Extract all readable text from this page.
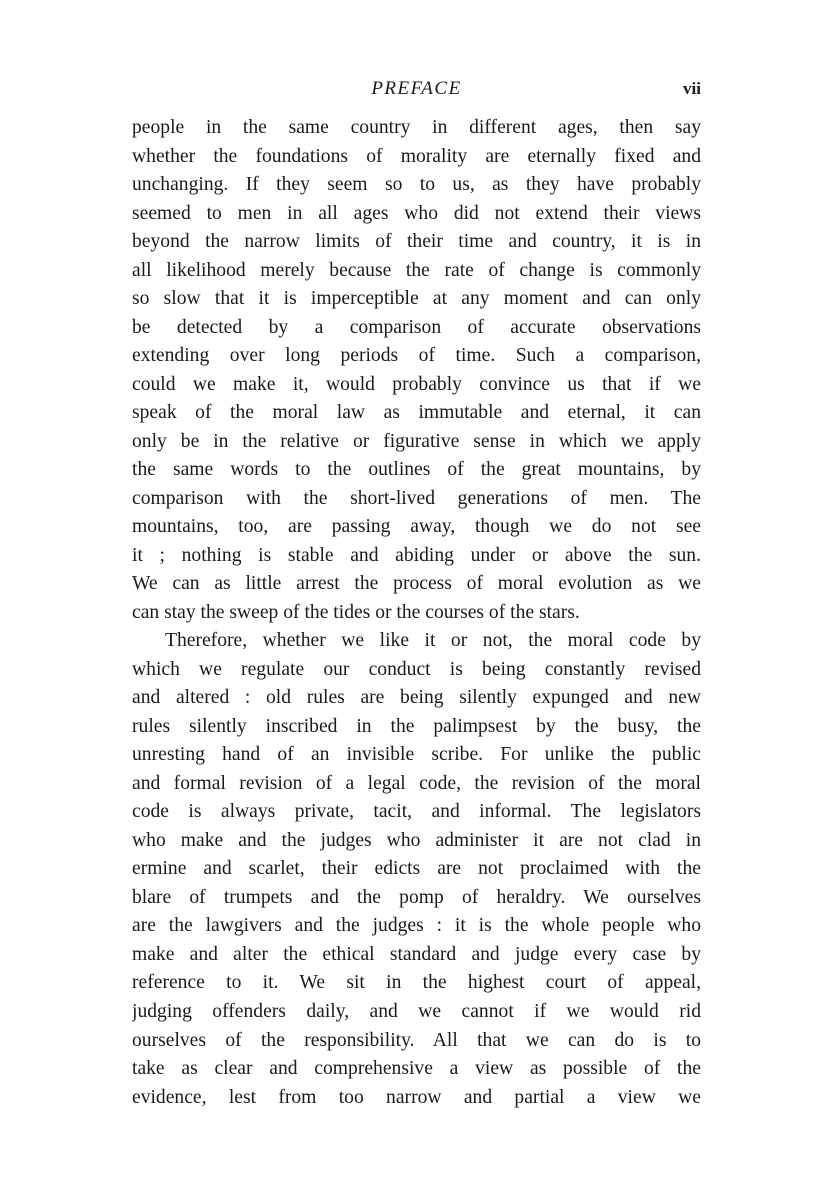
PREFACE	vii
people in the same country in different ages, then say
whether the foundations of morality are eternally fixed and
unchanging. If they seem so to us, as they have probably
seemed to men in all ages who did not extend their views
beyond the narrow limits of their time and country, it is in
all likelihood merely because the rate of change is commonly
so slow that it is imperceptible at any moment and can only
be detected by a comparison of accurate observations
extending over long periods of time. Such a comparison,
could we make it, would probably convince us that if we
speak of the moral law as immutable and eternal, it can
only be in the relative or figurative sense in which we apply
the same words to the outlines of the great mountains, by
comparison with the short-lived generations of men. The
mountains, too, are passing away, though we do not see
it ; nothing is stable and abiding under or above the sun.
We can as little arrest the process of moral evolution as we
can stay the sweep of the tides or the courses of the stars.
Therefore, whether we like it or not, the moral code by
which we regulate our conduct is being constantly revised
and altered : old rules are being silently expunged and new
rules silently inscribed in the palimpsest by the busy, the
unresting hand of an invisible scribe. For unlike the public
and formal revision of a legal code, the revision of the moral
code is always private, tacit, and informal. The legislators
who make and the judges who administer it are not clad in
ermine and scarlet, their edicts are not proclaimed with the
blare of trumpets and the pomp of heraldry. We ourselves
are the lawgivers and the judges : it is the whole people who
make and alter the ethical standard and judge every case by
reference to it. We sit in the highest court of appeal,
judging offenders daily, and we cannot if we would rid
ourselves of the responsibility. All that we can do is to
take as clear and comprehensive a view as possible of the
evidence, lest from too narrow and partial a view we
